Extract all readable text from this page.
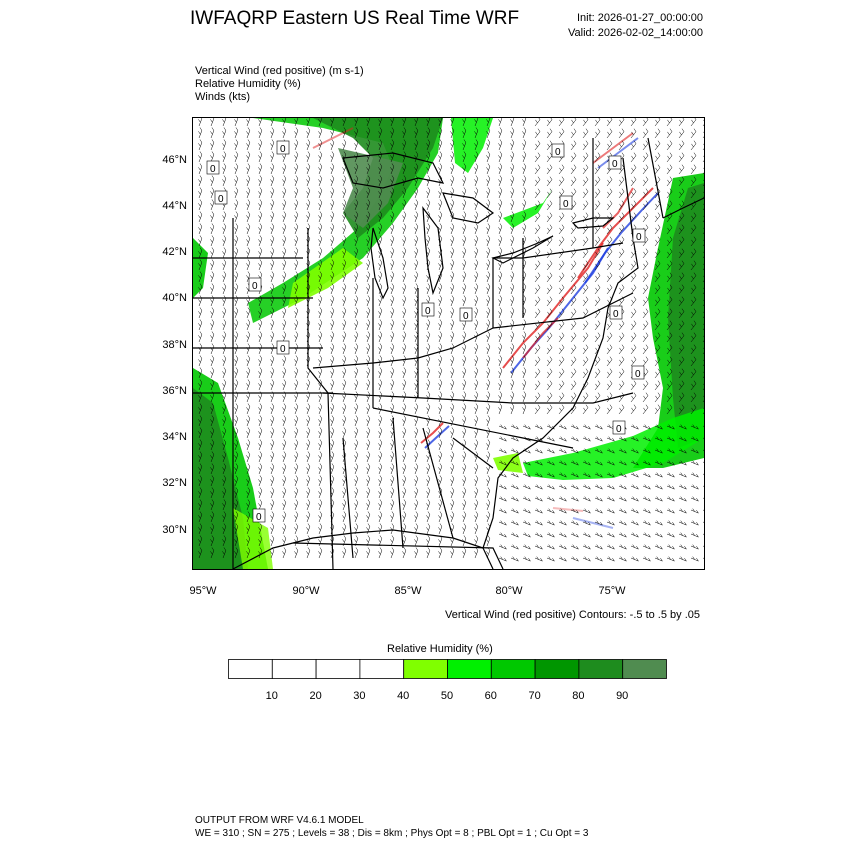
IWFAQRP Eastern US Real Time WRF	Init: 2026-01-27_00:00:00
Valid: 2026-02-02_14:00:00
Vertical Wind (red positive) (m s-1)
Relative Humidity (%)
Winds (kts)
0
0
0
0
0
0	0
0
0
0
0
0
0
0
0
46°N
44°N
42°N
40°N
38°N
36°N
34°N
32°N
30°N
95°W	90°W	85°W	80°W	75°W
Vertical Wind (red positive) Contours: -.5 to .5 by .05
Relative Humidity (%)
10	20	30	40	50	60	70	80	90
OUTPUT FROM WRF V4.6.1 MODEL
WE = 310 ; SN = 275 ; Levels = 38 ; Dis = 8km ; Phys Opt = 8 ; PBL Opt = 1 ; Cu Opt = 3
